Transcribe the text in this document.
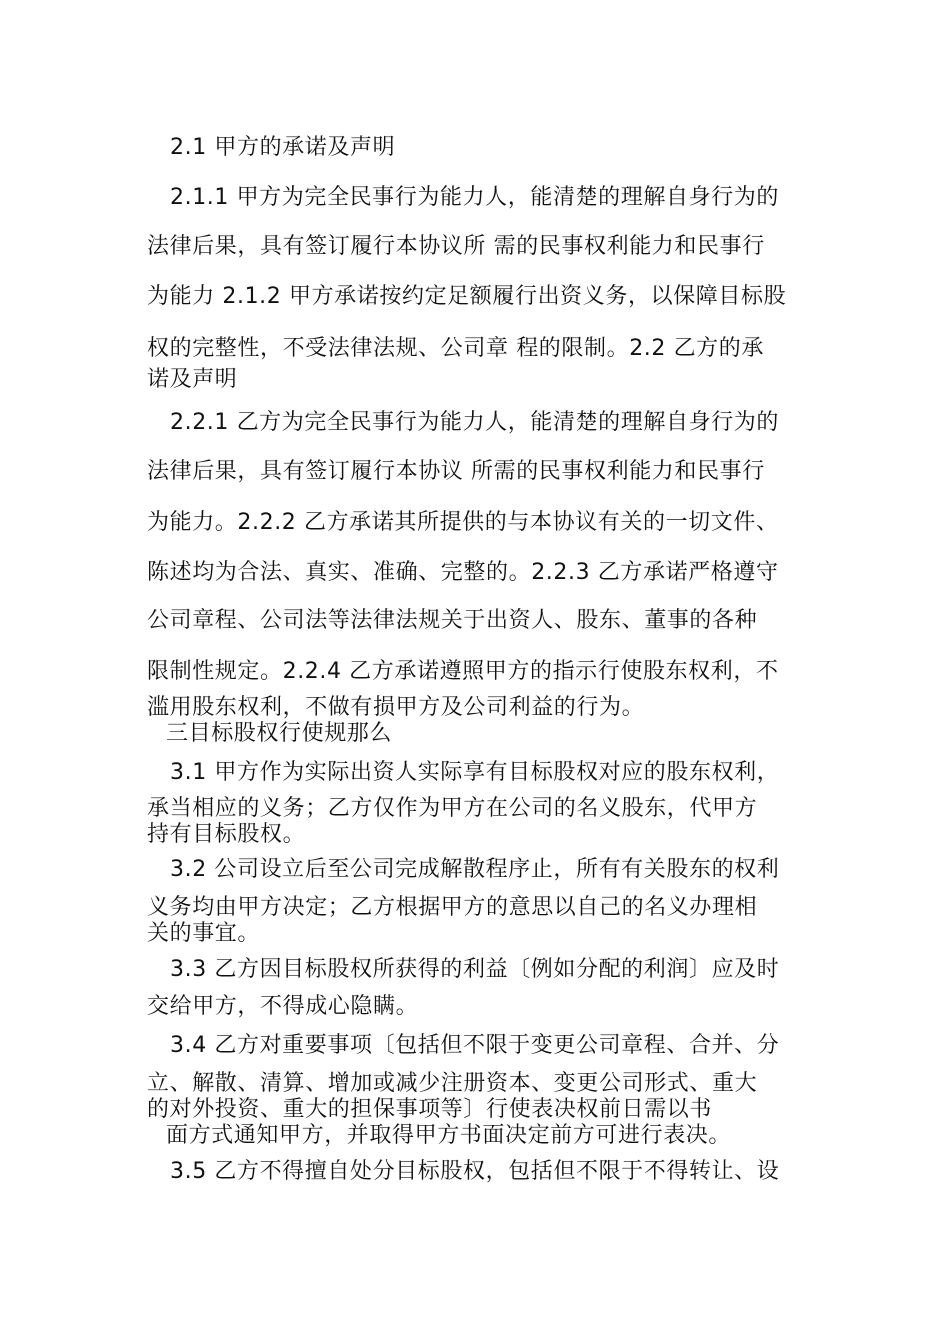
2.1 甲方的承诺及声明
2.1.1 甲方为完全民事行为能力人，能清楚的理解自身行为的
法律后果，具有签订履行本协议所 需的民事权利能力和民事行
为能力 2.1.2 甲方承诺按约定足额履行出资义务，以保障目标股
权的完整性，不受法律法规、公司章 程的限制。2.2 乙方的承
诺及声明
2.2.1 乙方为完全民事行为能力人，能清楚的理解自身行为的
法律后果，具有签订履行本协议 所需的民事权利能力和民事行
为能力。2.2.2 乙方承诺其所提供的与本协议有关的一切文件、
陈述均为合法、真实、准确、完整的。2.2.3 乙方承诺严格遵守
公司章程、公司法等法律法规关于出资人、股东、董事的各种
限制性规定。2.2.4 乙方承诺遵照甲方的指示行使股东权利，不
滥用股东权利，不做有损甲方及公司利益的行为。
三目标股权行使规那么
3.1 甲方作为实际出资人实际享有目标股权对应的股东权利，
承当相应的义务；乙方仅作为甲方在公司的名义股东，代甲方
持有目标股权。
3.2 公司设立后至公司完成解散程序止，所有有关股东的权利
义务均由甲方决定；乙方根据甲方的意思以自己的名义办理相
关的事宜。
3.3 乙方因目标股权所获得的利益〔例如分配的利润〕应及时
交给甲方，不得成心隐瞒。
3.4 乙方对重要事项〔包括但不限于变更公司章程、合并、分
立、解散、清算、增加或减少注册资本、变更公司形式、重大
的对外投资、重大的担保事项等〕行使表决权前日需以书
面方式通知甲方，并取得甲方书面决定前方可进行表决。
3.5 乙方不得擅自处分目标股权，包括但不限于不得转让、设
